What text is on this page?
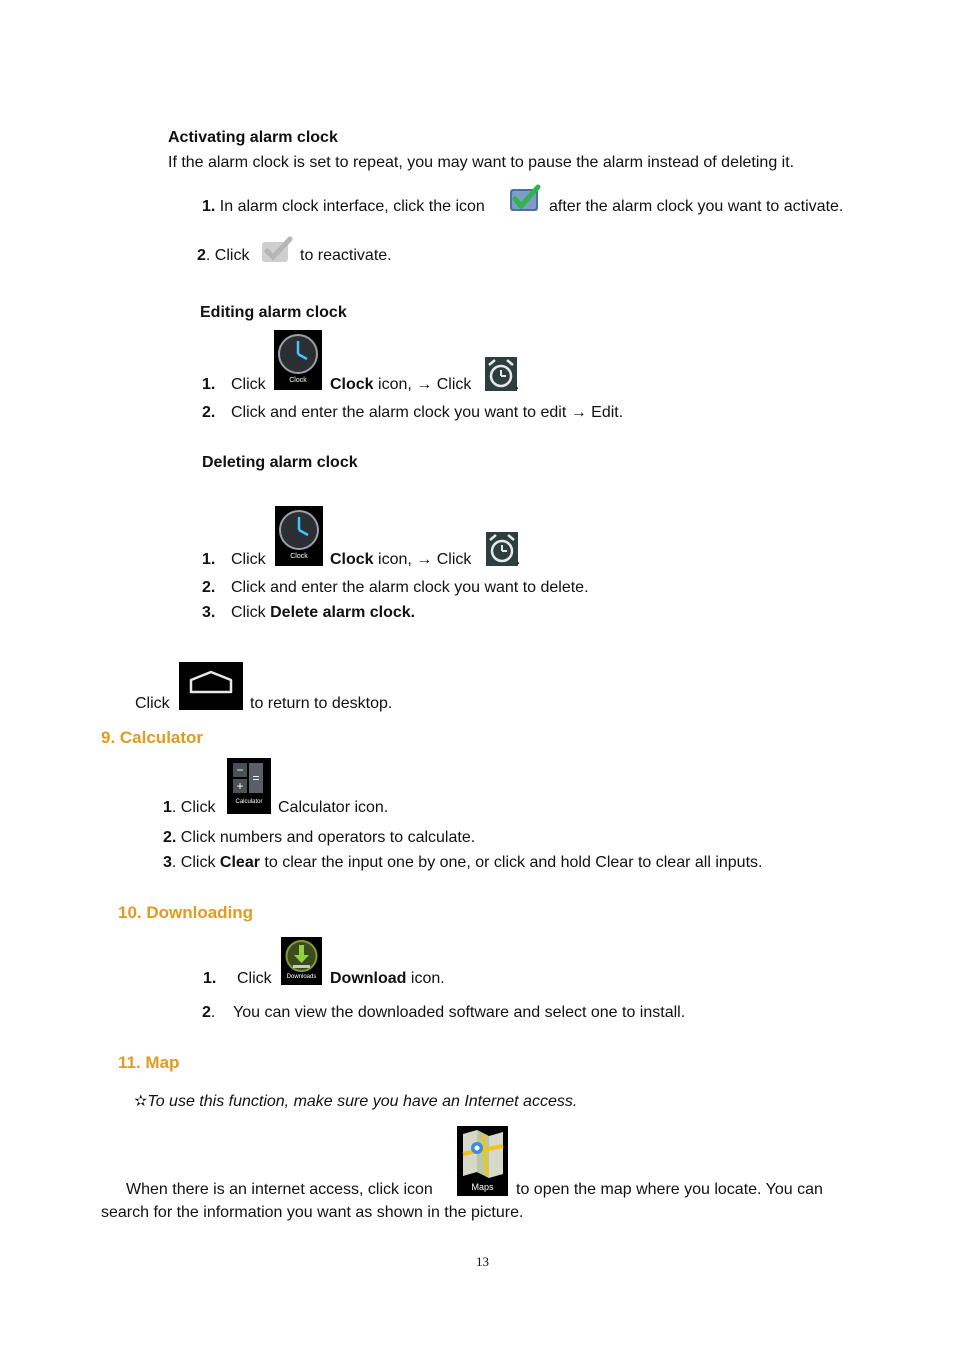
Activating alarm clock
If the alarm clock is set to repeat, you may want to pause the alarm instead of deleting it.
1. In alarm clock interface, click the icon	after the alarm clock you want to activate.
2. Click	to reactivate.
Editing alarm clock
1. Click	Clock	Clock icon, → Click	.
2. Click and enter the alarm clock you want to edit → Edit.
Deleting alarm clock
1. Click	Clock	Clock icon, → Click	.
2. Click and enter the alarm clock you want to delete.
3. Click Delete alarm clock.
Click	to return to desktop.
9. Calculator
1. Click
−
=
+
Calculator Calculator icon.
2. Click numbers and operators to calculate.
3. Click Clear to clear the input one by one, or click and hold Clear to clear all inputs.
10. Downloading
1. Click	Downloads Download icon.
2. You can view the downloaded software and select one to install.
11. Map
✫To use this function, make sure you have an Internet access.
When there is an internet access, click icon	Maps	to open the map where you locate. You can
search for the information you want as shown in the picture.
13
